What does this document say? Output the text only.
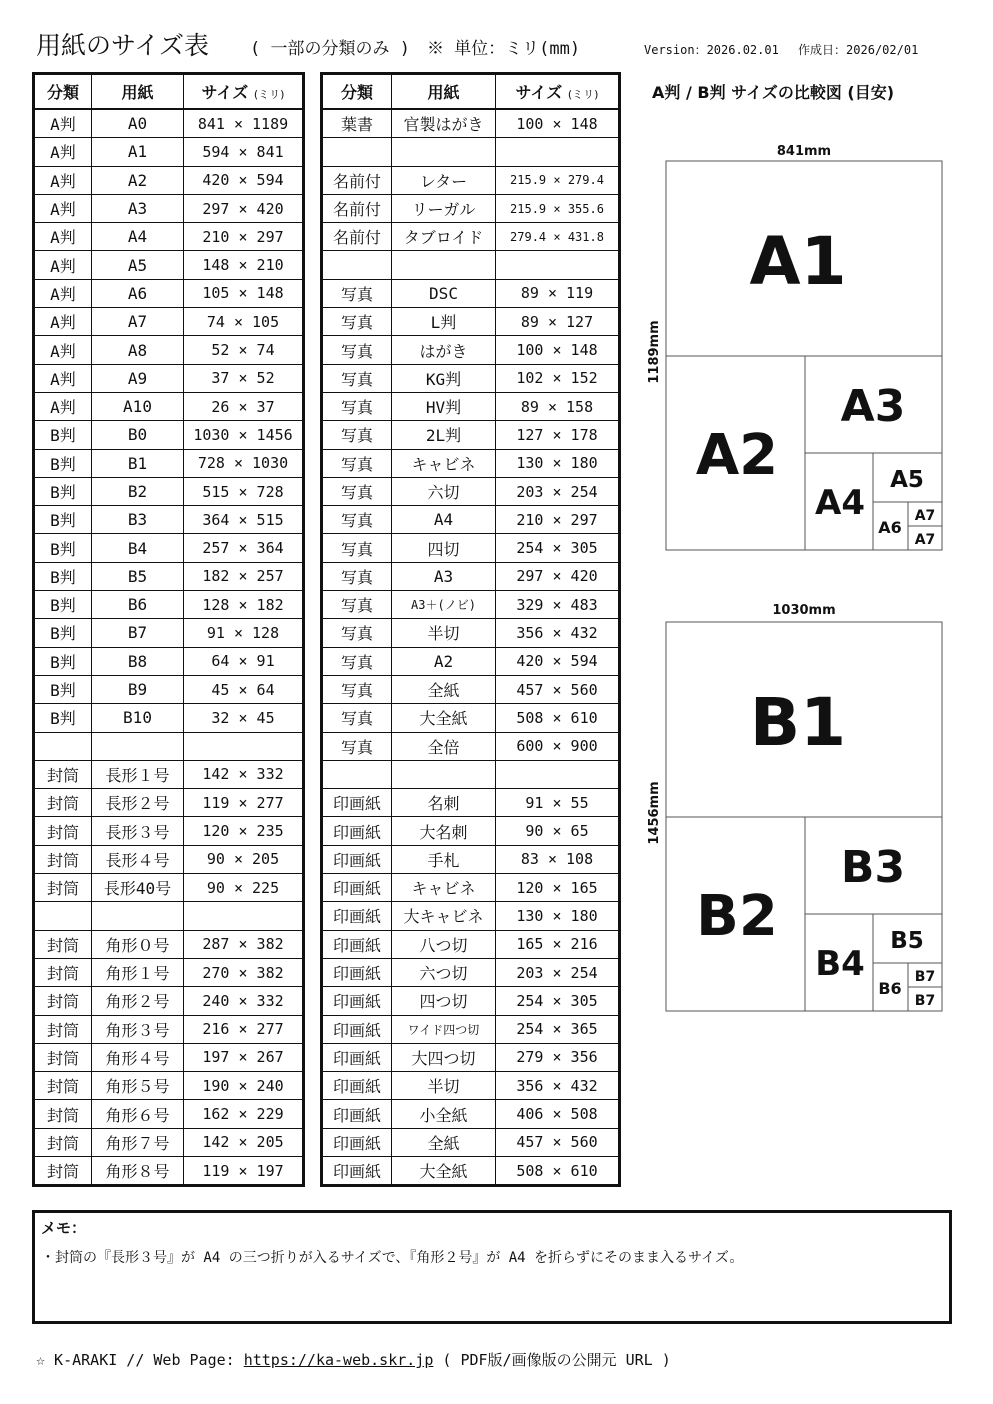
用紙のサイズ表 ( 一部の分類のみ )　※ 単位：ミリ(mm)	Version：2026.02.01　 作成日：2026/02/01
分類	用紙	サイズ (ミリ)
A判	A0	841 × 1189
A判	A1	594 × 841
A判	A2	420 × 594
A判	A3	297 × 420
A判	A4	210 × 297
A判	A5	148 × 210
A判	A6	105 × 148
A判	A7	74 × 105
A判	A8	52 × 74
A判	A9	37 × 52
A判	A10	26 × 37
B判	B0	1030 × 1456
B判	B1	728 × 1030
B判	B2	515 × 728
B判	B3	364 × 515
B判	B4	257 × 364
B判	B5	182 × 257
B判	B6	128 × 182
B判	B7	91 × 128
B判	B8	64 × 91
B判	B9	45 × 64
B判	B10	32 × 45

封筒	長形１号	142 × 332
封筒	長形２号	119 × 277
封筒	長形３号	120 × 235
封筒	長形４号	90 × 205
封筒	長形40号	90 × 225

封筒	角形０号	287 × 382
封筒	角形１号	270 × 382
封筒	角形２号	240 × 332
封筒	角形３号	216 × 277
封筒	角形４号	197 × 267
封筒	角形５号	190 × 240
封筒	角形６号	162 × 229
封筒	角形７号	142 × 205
封筒	角形８号	119 × 197
分類	用紙	サイズ (ミリ)
葉書	官製はがき	100 × 148

名前付	レター	215.9 × 279.4
名前付	リーガル	215.9 × 355.6
名前付	タブロイド	279.4 × 431.8

写真	DSC	89 × 119
写真	L判	89 × 127
写真	はがき	100 × 148
写真	KG判	102 × 152
写真	HV判	89 × 158
写真	2L判	127 × 178
写真	キャビネ	130 × 180
写真	六切	203 × 254
写真	A4	210 × 297
写真	四切	254 × 305
写真	A3	297 × 420
写真	A3＋(ノビ)	329 × 483
写真	半切	356 × 432
写真	A2	420 × 594
写真	全紙	457 × 560
写真	大全紙	508 × 610
写真	全倍	600 × 900

印画紙	名刺	91 × 55
印画紙	大名刺	90 × 65
印画紙	手札	83 × 108
印画紙	キャビネ	120 × 165
印画紙	大キャビネ	130 × 180
印画紙	八つ切	165 × 216
印画紙	六つ切	203 × 254
印画紙	四つ切	254 × 305
印画紙	ワイド四つ切	254 × 365
印画紙	大四つ切	279 × 356
印画紙	半切	356 × 432
印画紙	小全紙	406 × 508
印画紙	全紙	457 × 560
印画紙	大全紙	508 × 610
A判 / B判 サイズの比較図 (目安)
841mm
1189mm
A1
A2
A3
A4
A5
A6
A7
A7
1030mm
1456mm
B1
B2
B3
B4
B5
B6
B7
B7
メモ：
・封筒の『長形３号』が A4 の三つ折りが入るサイズで、『角形２号』が A4 を折らずにそのまま入るサイズ。
☆ K-ARAKI // Web Page: https://ka-web.skr.jp ( PDF版/画像版の公開元 URL )
